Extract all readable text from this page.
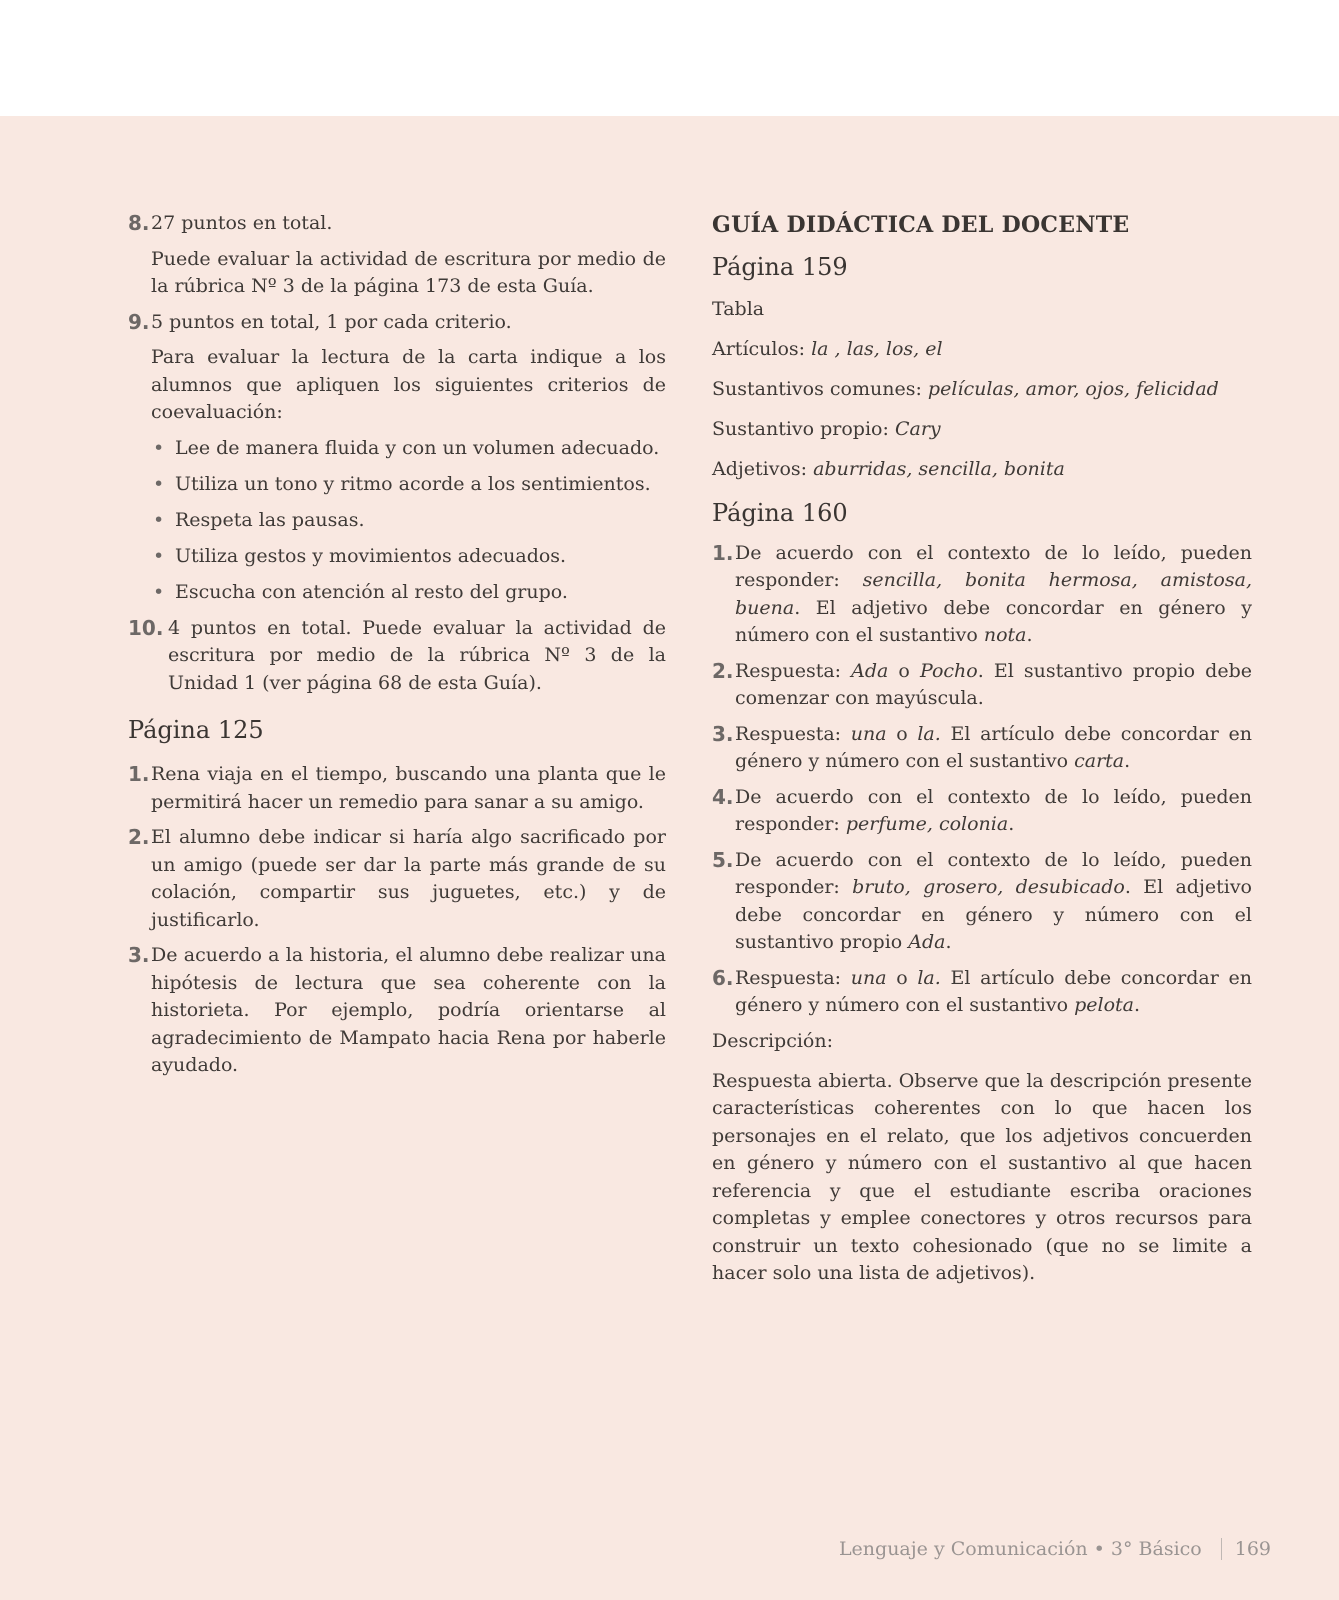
8. 27 puntos en total.

Puede evaluar la actividad de escritura por medio de la rúbrica Nº 3 de la página 173 de esta Guía.

9. 5 puntos en total, 1 por cada criterio.

Para evaluar la lectura de la carta indique a los alumnos que apliquen los siguientes criterios de coevaluación:

• Lee de manera fluida y con un volumen adecuado.
• Utiliza un tono y ritmo acorde a los sentimientos.
• Respeta las pausas.
• Utiliza gestos y movimientos adecuados.
• Escucha con atención al resto del grupo.
10. 4 puntos en total. Puede evaluar la actividad de escritura por medio de la rúbrica Nº 3 de la Unidad 1 (ver página 68 de esta Guía).
Página 125
1. Rena viaja en el tiempo, buscando una planta que le permitirá hacer un remedio para sanar a su amigo.
2. El alumno debe indicar si haría algo sacrificado por un amigo (puede ser dar la parte más grande de su colación, compartir sus juguetes, etc.) y de justificarlo.
3. De acuerdo a la historia, el alumno debe realizar una hipótesis de lectura que sea coherente con la historieta. Por ejemplo, podría orientarse al agradecimiento de Mampato hacia Rena por haberle ayudado.
GUÍA DIDÁCTICA DEL DOCENTE
Página 159

Tabla

Artículos: la , las, los, el

Sustantivos comunes: películas, amor, ojos, felicidad

Sustantivo propio: Cary

Adjetivos: aburridas, sencilla, bonita

Página 160
1. De acuerdo con el contexto de lo leído, pueden responder: sencilla, bonita hermosa, amistosa, buena. El adjetivo debe concordar en género y número con el sustantivo nota.
2. Respuesta: Ada o Pocho. El sustantivo propio debe comenzar con mayúscula.
3. Respuesta: una o la. El artículo debe concordar en género y número con el sustantivo carta.
4. De acuerdo con el contexto de lo leído, pueden responder: perfume, colonia.
5. De acuerdo con el contexto de lo leído, pueden responder: bruto, grosero, desubicado. El adjetivo debe concordar en género y número con el sustantivo propio Ada.
6. Respuesta: una o la. El artículo debe concordar en género y número con el sustantivo pelota.

Descripción:

Respuesta abierta. Observe que la descripción presente características coherentes con lo que hacen los personajes en el relato, que los adjetivos concuerden en género y número con el sustantivo al que hacen referencia y que el estudiante escriba oraciones completas y emplee conectores y otros recursos para construir un texto cohesionado (que no se limite a hacer solo una lista de adjetivos).

Lenguaje y Comunicación • 3° Básico 169
